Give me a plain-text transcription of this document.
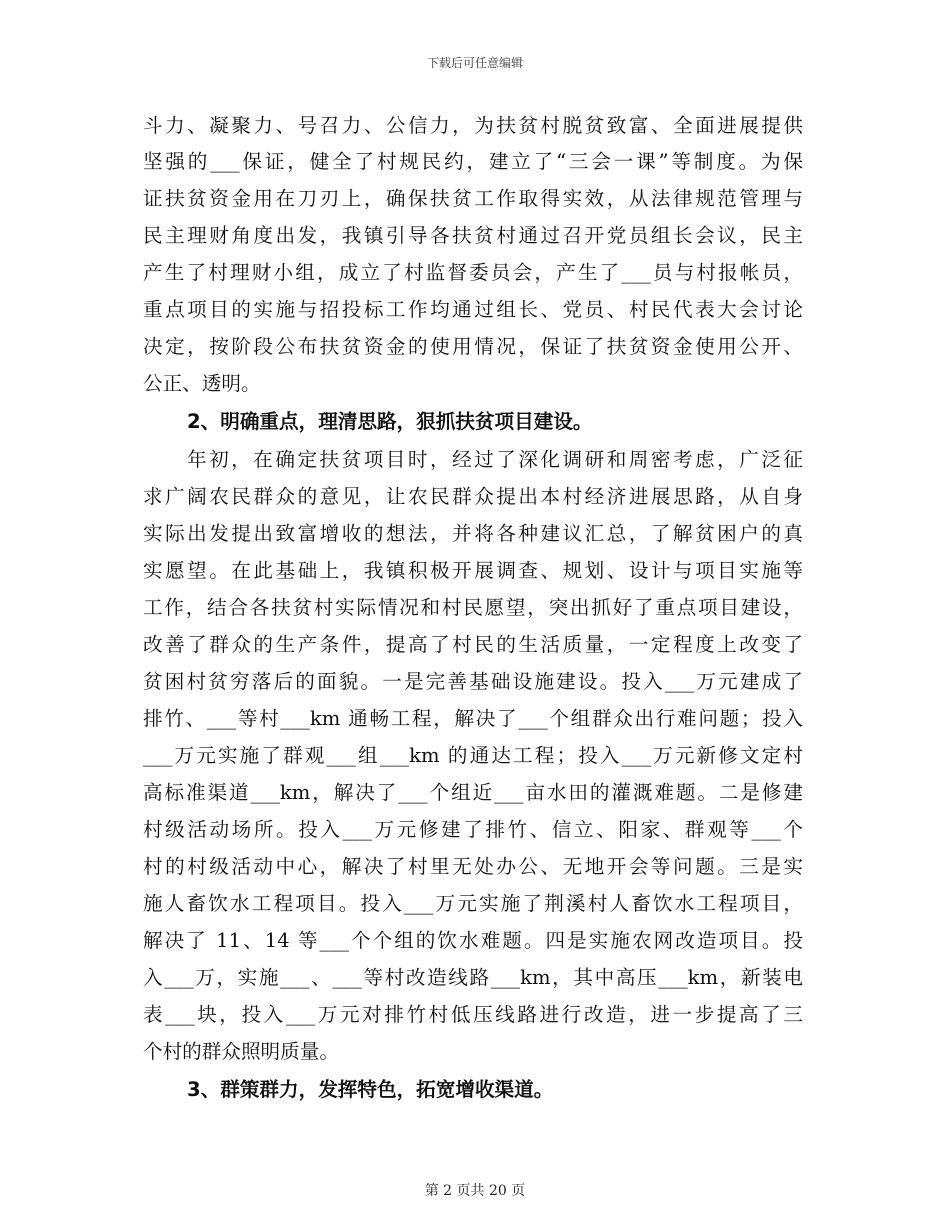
下载后可任意编辑
斗力、凝聚力、号召力、公信力，为扶贫村脱贫致富、全面进展提供
坚强的___保证，健全了村规民约，建立了“三会一课”等制度。为保
证扶贫资金用在刀刃上，确保扶贫工作取得实效，从法律规范管理与
民主理财角度出发，我镇引导各扶贫村通过召开党员组长会议，民主
产生了村理财小组，成立了村监督委员会，产生了___员与村报帐员，
重点项目的实施与招投标工作均通过组长、党员、村民代表大会讨论
决定，按阶段公布扶贫资金的使用情况，保证了扶贫资金使用公开、
公正、透明。
2、明确重点，理清思路，狠抓扶贫项目建设。
年初，在确定扶贫项目时，经过了深化调研和周密考虑，广泛征
求广阔农民群众的意见，让农民群众提出本村经济进展思路，从自身
实际出发提出致富增收的想法，并将各种建议汇总，了解贫困户的真
实愿望。在此基础上，我镇积极开展调查、规划、设计与项目实施等
工作，结合各扶贫村实际情况和村民愿望，突出抓好了重点项目建设，
改善了群众的生产条件，提高了村民的生活质量，一定程度上改变了
贫困村贫穷落后的面貌。一是完善基础设施建设。投入___万元建成了
排竹、___等村___km 通畅工程，解决了___个组群众出行难问题；投入
___万元实施了群观___组___km 的通达工程；投入___万元新修文定村
高标准渠道___km，解决了___个组近___亩水田的灌溉难题。二是修建
村级活动场所。投入___万元修建了排竹、信立、阳家、群观等___个
村的村级活动中心，解决了村里无处办公、无地开会等问题。三是实
施人畜饮水工程项目。投入___万元实施了荆溪村人畜饮水工程项目，
解决了 11、14 等___个个组的饮水难题。四是实施农网改造项目。投
入___万，实施___、___等村改造线路___km，其中高压___km，新装电
表___块，投入___万元对排竹村低压线路进行改造，进一步提高了三
个村的群众照明质量。
3、群策群力，发挥特色，拓宽增收渠道。
第 2 页共 20 页
